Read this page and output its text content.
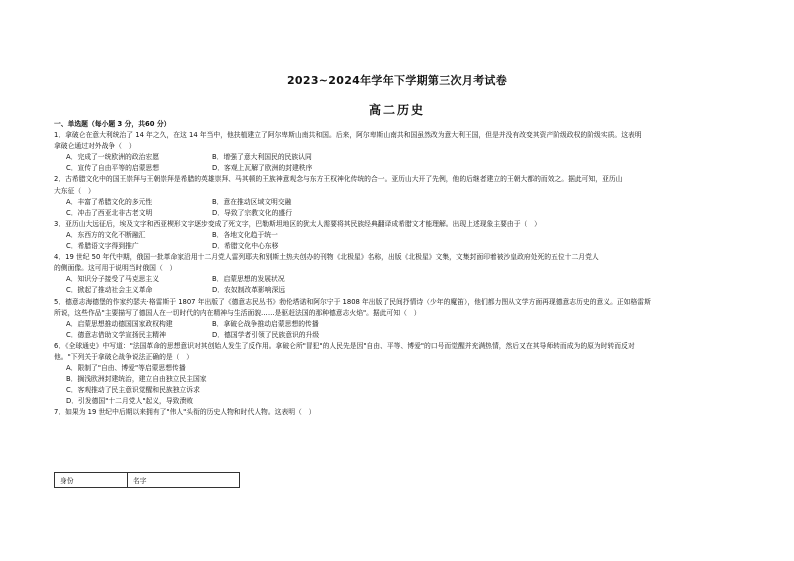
2023~2024年学年下学期第三次月考试卷
高二历史

一、单选题（每小题 3 分，共60 分）

1．拿破仑在意大利统治了 14 年之久，在这 14 年当中，他扶植建立了阿尔卑斯山南共和国。后来，阿尔卑斯山南共和国虽然改为意大利王国，但是并没有改变其资产阶级政权的阶级实质。这表明

拿破仑通过对外战争（　）

A．完成了一统欧洲的政治宏愿	B．增强了意大利国民的民族认同
C．宣传了自由平等的启蒙思想	D．客观上瓦解了欧洲的封建秩序

2．古希腊文化中的国王崇拜与王朝崇拜是希腊的英雄崇拜、马其顿的王族神意观念与东方王权神化传统的合一。亚历山大开了先例，他的后继者建立的王朝大都的而效之。据此可知，亚历山

大东征（　）

A．丰富了希腊文化的多元性	B．意在推动区域文明交融
C．冲击了西亚北非古老文明	D．导致了宗教文化的盛行

3．亚历山大远征后，埃及文字和西亚楔形文字逐步变成了死文字，巴勒斯坦地区的犹太人需要将其民族经典翻译成希腊文才能理解。出现上述现象主要由于（　）

A．东西方的文化不断融汇	B．各地文化趋于统一
C．希腊语文字得到推广	D．希腊文化中心东移

4．19 世纪 50 年代中期，俄国一批革命家沿用十二月党人雷列耶夫和别斯土热夫创办的刊物《北极星》名称，出版《北极星》文集，文集封面印着被沙皇政府处死的五位十二月党人

的侧面像。这可用于说明当时俄国（　）

A．知识分子接受了马克思主义	B．启蒙思想的发展状况
C．掀起了推动社会主义革命	D．农奴制改革影响深远

5．德意志海德堡的作家约瑟夫·格雷斯于 1807 年出版了《德意志民丛书》勃伦塔诺和阿尔宁于 1808 年出版了民间抒情诗（少年的魔笛），他们都力图从文学方面再现德意志历史的意义。正如格雷斯

所说，这些作品"主要描写了德国人在一切时代的内在精神与生活面貌……是驱赶法国的那种德意志火焰"。据此可知（　）

A．启蒙思想推动德国国家政权构建	B．拿破仑战争推动启蒙思想的传播
C．德意志借助文学宣扬民主精神	D．德国学者引领了民族意识的升级

6．《全球通史》中写道："法国革命的思想意识对其创始人发生了反作用。拿破仑所"冒犯"的人民先是因"自由、平等、博爱"的口号而觉醒并充满热情，然后又在其导师转而成为的原为时转而反对

他。"下列关于拿破仑战争说法正确的是（　）

A．限制了"自由、博爱"等启蒙思想传播

B．搁浅欧洲封建统治，建立自由独立民主国家

C．客观推动了民主意识觉醒和民族独立诉求

D．引发德国"十二月党人"起义，导致溃败

7．如果为 19 世纪中后期以来拥有了"伟人"头衔的历史人物和时代人物。这表明（　）

身份	名字
